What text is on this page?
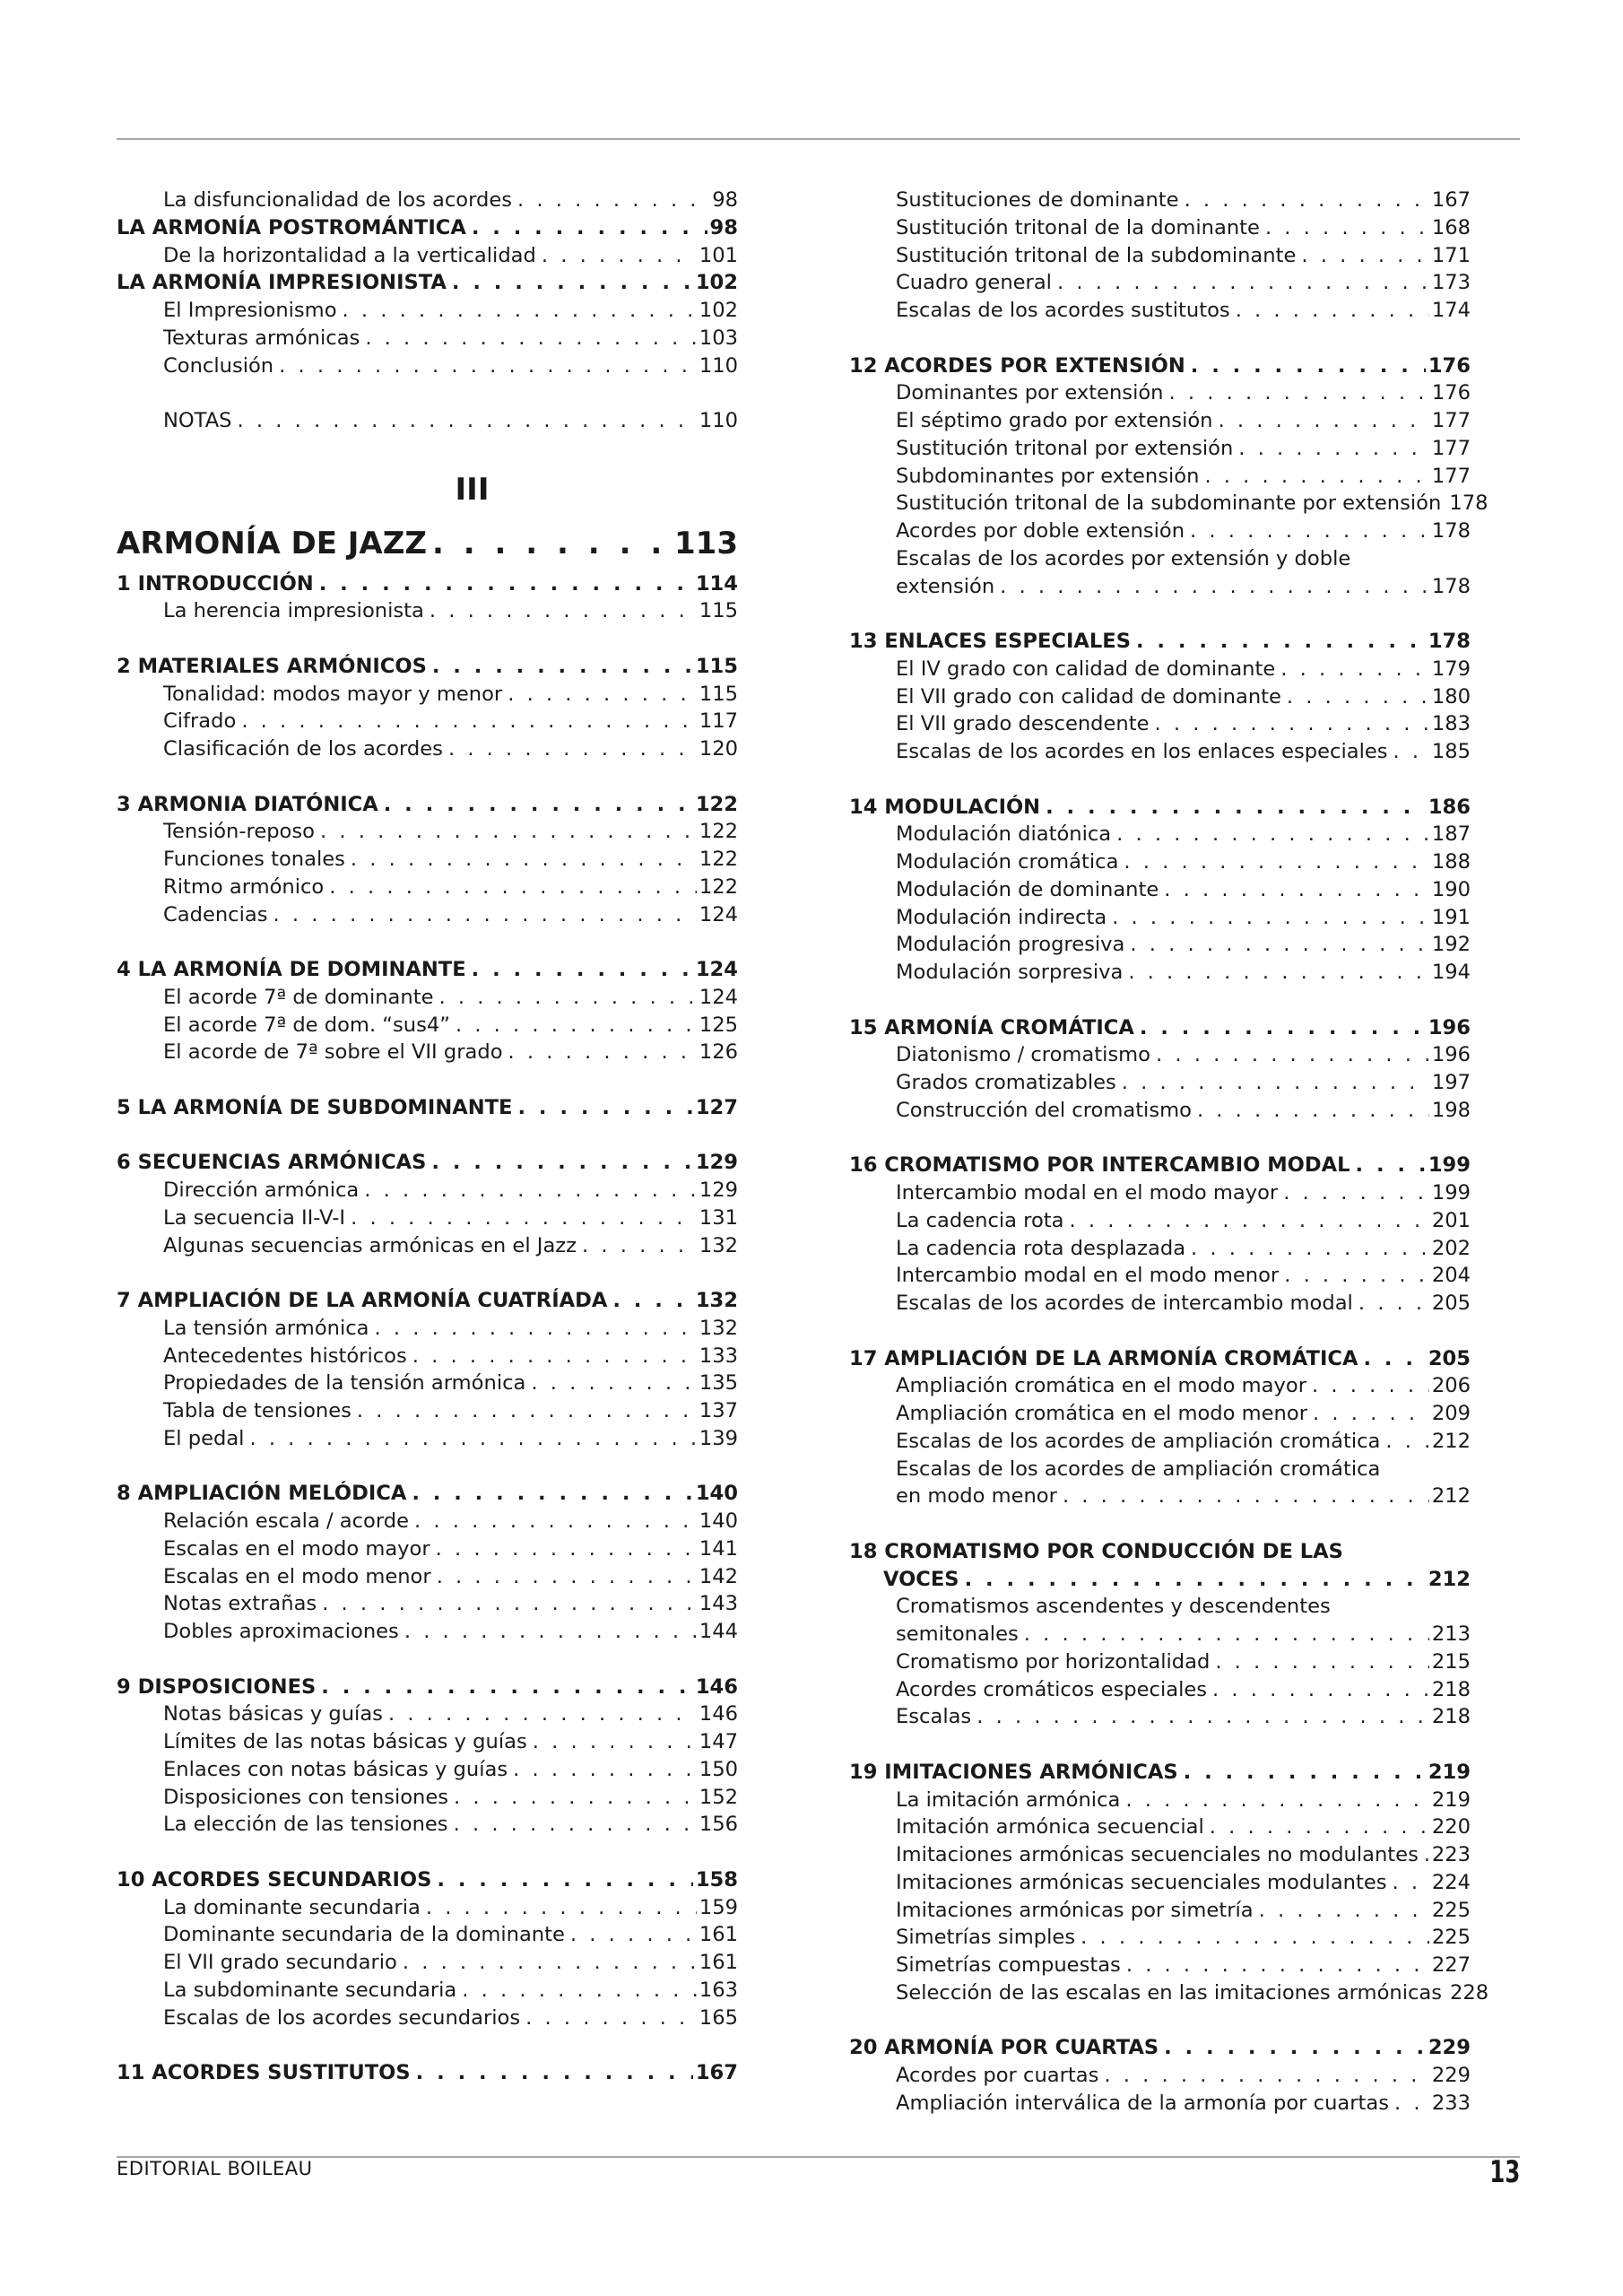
La disfuncionalidad de los acordes . . .	98
LA ARMONÍA POSTROMÁNTICA . . .	98
De la horizontalidad a la verticalidad . . .	101
LA ARMONÍA IMPRESIONISTA . . .	102
El Impresionismo . . .	102
Texturas armónicas . . .	103
Conclusión . . .	110
NOTAS . . .	110
III
ARMONÍA DE JAZZ . . .	113
1 INTRODUCCIÓN . . .	114
La herencia impresionista . . .	115
2 MATERIALES ARMÓNICOS . . .	115
Tonalidad: modos mayor y menor . . .	115
Cifrado . . .	117
Clasificación de los acordes . . .	120
3 ARMONIA DIATÓNICA . . .	122
Tensión-reposo . . .	122
Funciones tonales . . .	122
Ritmo armónico . . .	122
Cadencias . . .	124
4 LA ARMONÍA DE DOMINANTE . . .	124
El acorde 7ª de dominante . . .	124
El acorde 7ª de dom. “sus4” . . .	125
El acorde de 7ª sobre el VII grado . . .	126
5 LA ARMONÍA DE SUBDOMINANTE . . .	127
6 SECUENCIAS ARMÓNICAS . . .	129
Dirección armónica . . .	129
La secuencia II-V-I . . .	131
Algunas secuencias armónicas en el Jazz . . .	132
7 AMPLIACIÓN DE LA ARMONÍA CUATRÍADA . . .	132
La tensión armónica . . .	132
Antecedentes históricos . . .	133
Propiedades de la tensión armónica . . .	135
Tabla de tensiones . . .	137
El pedal . . .	139
8 AMPLIACIÓN MELÓDICA . . .	140
Relación escala / acorde . . .	140
Escalas en el modo mayor . . .	141
Escalas en el modo menor . . .	142
Notas extrañas . . .	143
Dobles aproximaciones . . .	144
9 DISPOSICIONES . . .	146
Notas básicas y guías . . .	146
Límites de las notas básicas y guías . . .	147
Enlaces con notas básicas y guías . . .	150
Disposiciones con tensiones . . .	152
La elección de las tensiones . . .	156
10 ACORDES SECUNDARIOS . . .	158
La dominante secundaria . . .	159
Dominante secundaria de la dominante . . .	161
El VII grado secundario . . .	161
La subdominante secundaria . . .	163
Escalas de los acordes secundarios . . .	165
11 ACORDES SUSTITUTOS . . .	167
Sustituciones de dominante . . .	167
Sustitución tritonal de la dominante . . .	168
Sustitución tritonal de la subdominante . . .	171
Cuadro general . . .	173
Escalas de los acordes sustitutos . . .	174
12 ACORDES POR EXTENSIÓN . . .	176
Dominantes por extensión . . .	176
El séptimo grado por extensión . . .	177
Sustitución tritonal por extensión . . .	177
Subdominantes por extensión . . .	177
Sustitución tritonal de la subdominante por extensión 178
Acordes por doble extensión . . .	178
Escalas de los acordes por extensión y doble
extensión . . .	178
13 ENLACES ESPECIALES . . .	178
El IV grado con calidad de dominante . . .	179
El VII grado con calidad de dominante . . .	180
El VII grado descendente . . .	183
Escalas de los acordes en los enlaces especiales . . . 185
14 MODULACIÓN . . .	186
Modulación diatónica . . .	187
Modulación cromática . . .	188
Modulación de dominante . . .	190
Modulación indirecta . . .	191
Modulación progresiva . . .	192
Modulación sorpresiva . . .	194
15 ARMONÍA CROMÁTICA . . .	196
Diatonismo / cromatismo . . .	196
Grados cromatizables . . .	197
Construcción del cromatismo . . .	198
16 CROMATISMO POR INTERCAMBIO MODAL . . .	199
Intercambio modal en el modo mayor . . .	199
La cadencia rota . . .	201
La cadencia rota desplazada . . .	202
Intercambio modal en el modo menor . . .	204
Escalas de los acordes de intercambio modal . . .	205
17 AMPLIACIÓN DE LA ARMONÍA CROMÁTICA . . .	205
Ampliación cromática en el modo mayor . . .	206
Ampliación cromática en el modo menor . . .	209
Escalas de los acordes de ampliación cromática . . .	212
Escalas de los acordes de ampliación cromática
en modo menor . . .	212
18 CROMATISMO POR CONDUCCIÓN DE LAS
VOCES . . .	212
Cromatismos ascendentes y descendentes
semitonales . . .	213
Cromatismo por horizontalidad . . .	215
Acordes cromáticos especiales . . .	218
Escalas . . .	218
19 IMITACIONES ARMÓNICAS . . .	219
La imitación armónica . . .	219
Imitación armónica secuencial . . .	220
Imitaciones armónicas secuenciales no modulantes . . . 223
Imitaciones armónicas secuenciales modulantes . . . 224
Imitaciones armónicas por simetría . . .	225
Simetrías simples . . .	225
Simetrías compuestas . . .	227
Selección de las escalas en las imitaciones armónicas 228
20 ARMONÍA POR CUARTAS . . .	229
Acordes por cuartas . . .	229
Ampliación interválica de la armonía por cuartas . . . 233
EDITORIAL BOILEAU	13
